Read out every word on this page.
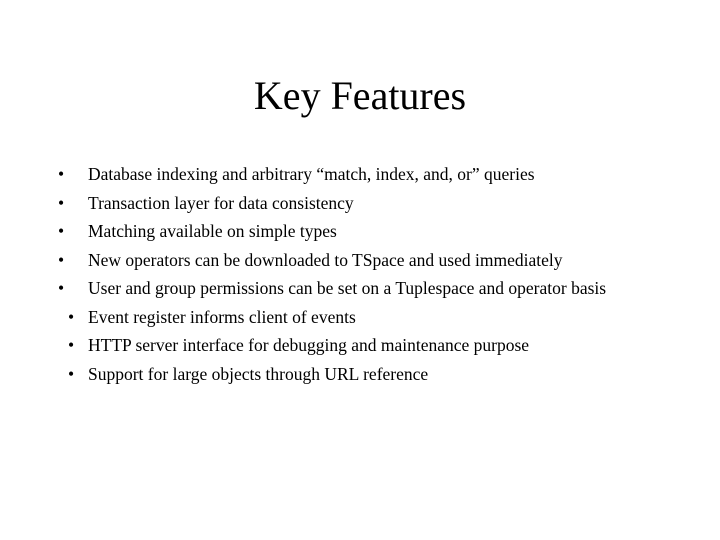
Key Features
• Database indexing and arbitrary “match, index, and, or” queries
• Transaction layer for data consistency
• Matching available on simple types
• New operators can be downloaded to TSpace and used immediately
• User and group permissions can be set on a Tuplespace and operator basis
• Event register informs client of events
• HTTP server interface for debugging and maintenance purpose
• Support for large objects through URL reference
